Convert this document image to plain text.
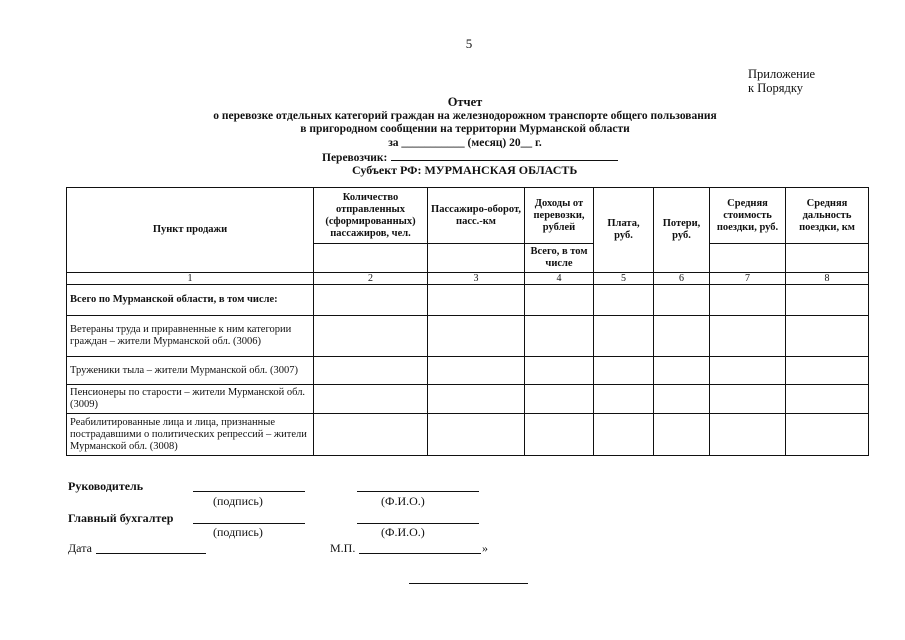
5
Приложение
к Порядку
Отчет
о перевозке отдельных категорий граждан на железнодорожном транспорте общего пользования
в пригородном сообщении на территории Мурманской области
за ___________ (месяц) 20__ г.
Перевозчик:
Субъект РФ: МУРМАНСКАЯ ОБЛАСТЬ
Пункт продажи	Количество отправленных (сформированных) пассажиров, чел.	Пассажиро-оборот, пасс.-км	Доходы от перевозки, рублей	Плата, руб.	Потери, руб.	Средняя стоимость поездки, руб.	Средняя дальность поездки, км
			Всего, в том числе				
1	2	3	4	5	6	7	8
Всего по Мурманской области, в том числе:							
Ветераны труда и приравненные к ним категории граждан – жители Мурманской обл. (3006)							
Труженики тыла – жители Мурманской обл. (3007)							
Пенсионеры по старости – жители Мурманской обл. (3009)							
Реабилитированные лица и лица, признанные пострадавшими о политических репрессий – жители Мурманской обл. (3008)							
Руководитель
(подпись)	(Ф.И.О.)
Главный бухгалтер
(подпись)	(Ф.И.О.)
Дата	М.П.	»
